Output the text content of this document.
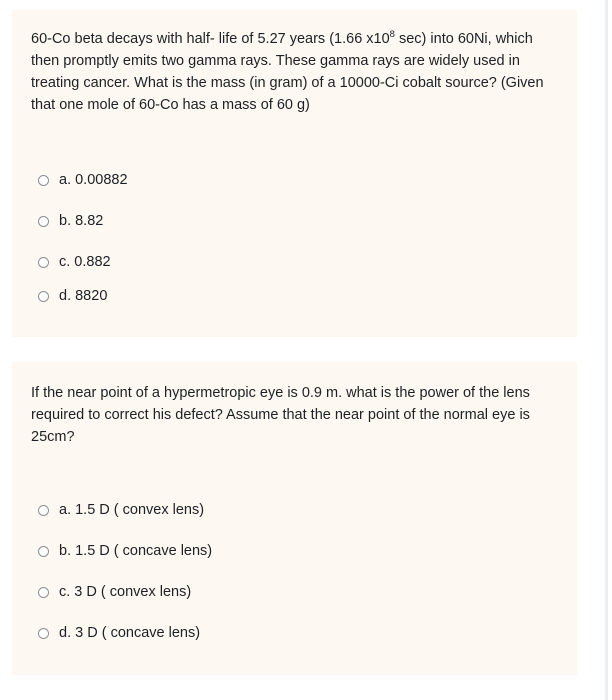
60-Co beta decays with half- life of 5.27 years (1.66 $x10^8$ sec) into 60Ni, which then promptly emits two gamma rays. These gamma rays are widely used in treating cancer. What is the mass (in gram) of a 10000-Ci cobalt source? (Given that one mole of 60-Co has a mass of 60 g)
a. 0.00882
b. 8.82
c. 0.882
d. 8820
If the near point of a hypermetropic eye is 0.9 m. what is the power of the lens required to correct his defect? Assume that the near point of the normal eye is 25cm?
a. 1.5 D ( convex lens)
b. 1.5 D ( concave lens)
c. 3 D ( convex lens)
d. 3 D ( concave lens)
